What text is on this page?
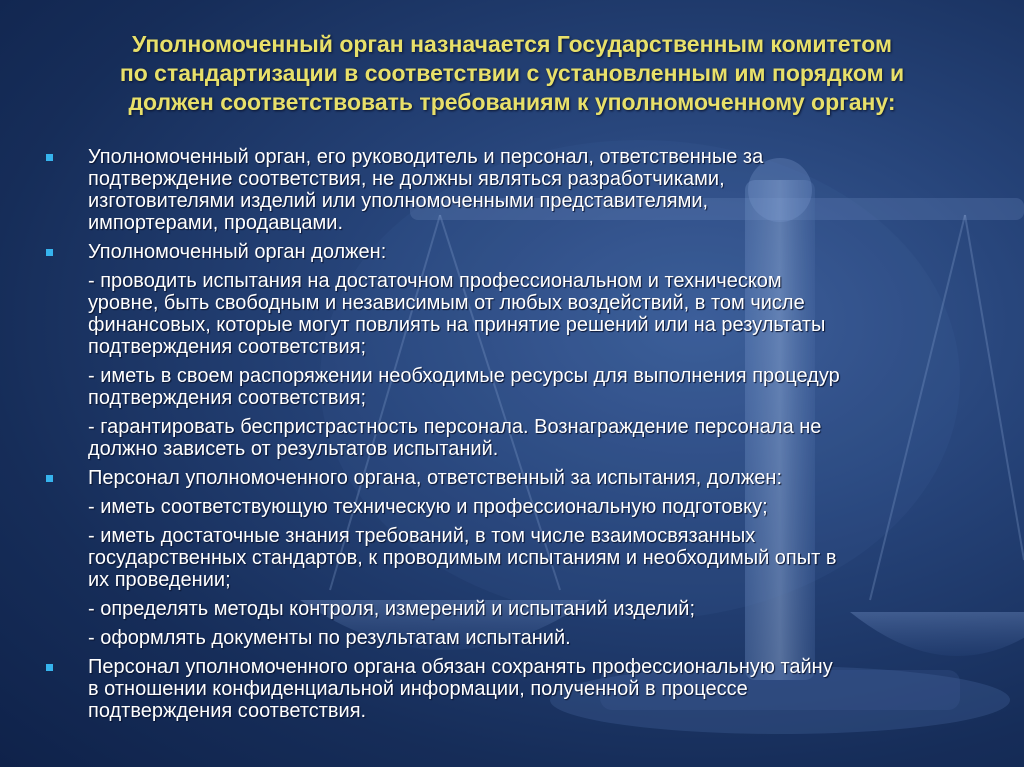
Уполномоченный орган назначается Государственным комитетом
по стандартизации в соответствии с установленным им порядком и
должен соответствовать требованиям к уполномоченному органу:
Уполномоченный орган, его руководитель и персонал, ответственные за
подтверждение соответствия, не должны являться разработчиками,
изготовителями изделий или уполномоченными представителями,
импортерами, продавцами.
Уполномоченный орган должен:
- проводить испытания на достаточном профессиональном и техническом
уровне, быть свободным и независимым от любых воздействий, в том числе
финансовых, которые могут повлиять на принятие решений или на результаты
подтверждения соответствия;
- иметь в своем распоряжении необходимые ресурсы для выполнения процедур
подтверждения соответствия;
- гарантировать беспристрастность персонала. Вознаграждение персонала не
должно зависеть от результатов испытаний.
Персонал уполномоченного органа, ответственный за испытания, должен:
- иметь соответствующую техническую и профессиональную подготовку;
- иметь достаточные знания требований, в том числе взаимосвязанных
государственных стандартов, к проводимым испытаниям и необходимый опыт в
их проведении;
- определять методы контроля, измерений и испытаний изделий;
- оформлять документы по результатам испытаний.
Персонал уполномоченного органа обязан сохранять профессиональную тайну
в отношении конфиденциальной информации, полученной в процессе
подтверждения соответствия.
